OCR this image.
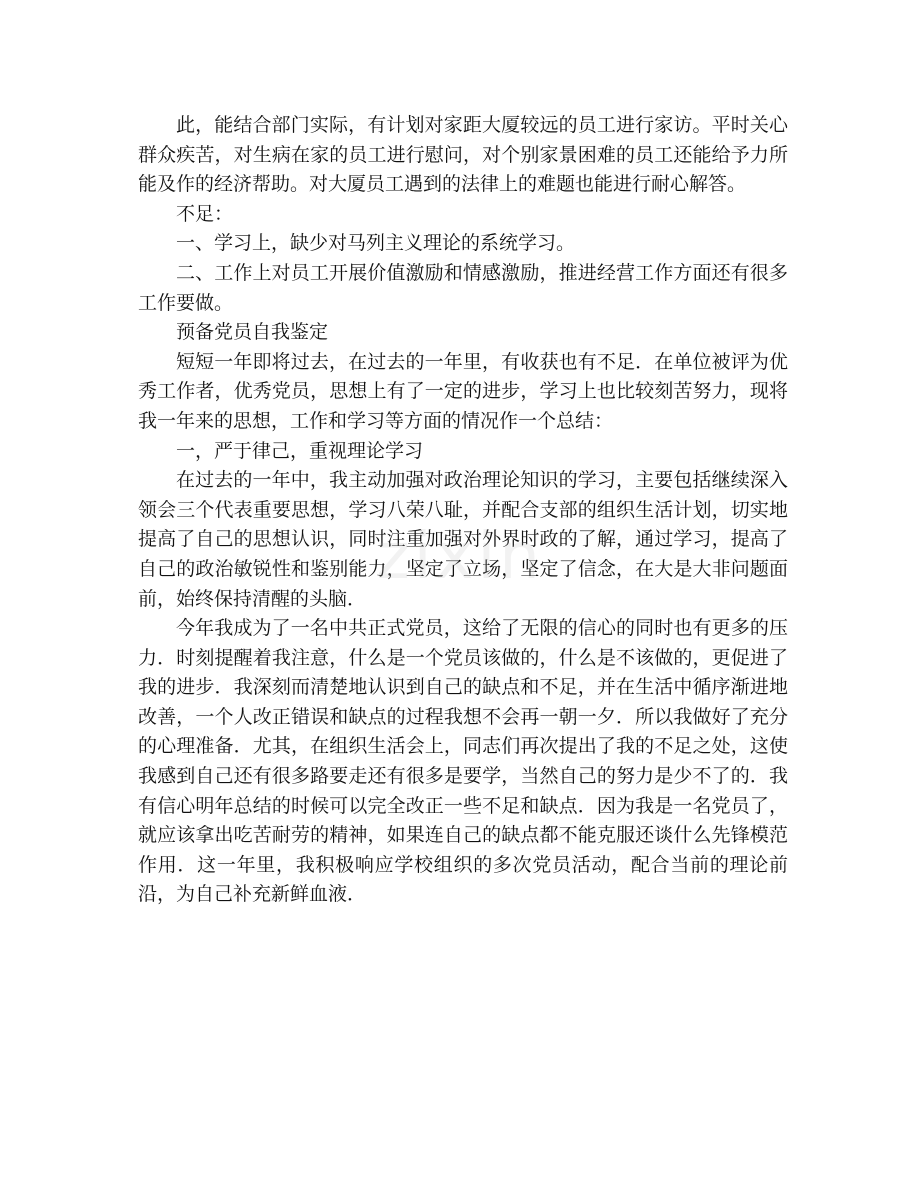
此，能结合部门实际，有计划对家距大厦较远的员工进行家访。平时关心群众疾苦，对生病在家的员工进行慰问，对个别家景困难的员工还能给予力所能及作的经济帮助。对大厦员工遇到的法律上的难题也能进行耐心解答。

不足：

一、学习上，缺少对马列主义理论的系统学习。

二、工作上对员工开展价值激励和情感激励，推进经营工作方面还有很多工作要做。

预备党员自我鉴定

短短一年即将过去，在过去的一年里，有收获也有不足．在单位被评为优秀工作者，优秀党员，思想上有了一定的进步，学习上也比较刻苦努力，现将我一年来的思想，工作和学习等方面的情况作一个总结：

一，严于律己，重视理论学习

在过去的一年中，我主动加强对政治理论知识的学习，主要包括继续深入领会三个代表重要思想，学习八荣八耻，并配合支部的组织生活计划，切实地提高了自己的思想认识，同时注重加强对外界时政的了解，通过学习，提高了自己的政治敏锐性和鉴别能力，坚定了立场，坚定了信念，在大是大非问题面前，始终保持清醒的头脑．

今年我成为了一名中共正式党员，这给了无限的信心的同时也有更多的压力．时刻提醒着我注意，什么是一个党员该做的，什么是不该做的，更促进了我的进步．我深刻而清楚地认识到自己的缺点和不足，并在生活中循序渐进地改善，一个人改正错误和缺点的过程我想不会再一朝一夕．所以我做好了充分的心理准备．尤其，在组织生活会上，同志们再次提出了我的不足之处，这使我感到自己还有很多路要走还有很多是要学，当然自己的努力是少不了的．我有信心明年总结的时候可以完全改正一些不足和缺点．因为我是一名党员了，就应该拿出吃苦耐劳的精神，如果连自己的缺点都不能克服还谈什么先锋模范作用．这一年里，我积极响应学校组织的多次党员活动，配合当前的理论前沿，为自己补充新鲜血液．

zixin
